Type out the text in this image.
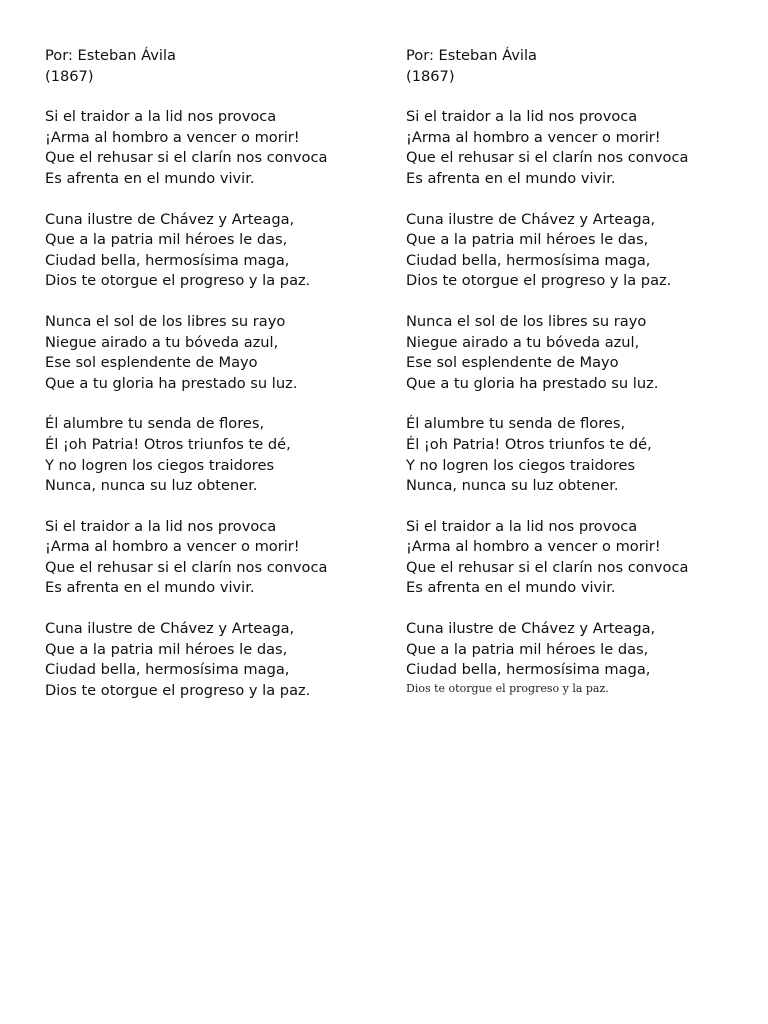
Por: Esteban Ávila
(1867)
Si el traidor a la lid nos provoca
¡Arma al hombro a vencer o morir!
Que el rehusar si el clarín nos convoca
Es afrenta en el mundo vivir.
Cuna ilustre de Chávez y Arteaga,
Que a la patria mil héroes le das,
Ciudad bella, hermosísima maga,
Dios te otorgue el progreso y la paz.
Nunca el sol de los libres su rayo
Niegue airado a tu bóveda azul,
Ese sol esplendente de Mayo
Que a tu gloria ha prestado su luz.
Él alumbre tu senda de flores,
Él ¡oh Patria! Otros triunfos te dé,
Y no logren los ciegos traidores
Nunca, nunca su luz obtener.
Si el traidor a la lid nos provoca
¡Arma al hombro a vencer o morir!
Que el rehusar si el clarín nos convoca
Es afrenta en el mundo vivir.
Cuna ilustre de Chávez y Arteaga,
Que a la patria mil héroes le das,
Ciudad bella, hermosísima maga,
Dios te otorgue el progreso y la paz.
Por: Esteban Ávila
(1867)
Si el traidor a la lid nos provoca
¡Arma al hombro a vencer o morir!
Que el rehusar si el clarín nos convoca
Es afrenta en el mundo vivir.
Cuna ilustre de Chávez y Arteaga,
Que a la patria mil héroes le das,
Ciudad bella, hermosísima maga,
Dios te otorgue el progreso y la paz.
Nunca el sol de los libres su rayo
Niegue airado a tu bóveda azul,
Ese sol esplendente de Mayo
Que a tu gloria ha prestado su luz.
Él alumbre tu senda de flores,
Él ¡oh Patria! Otros triunfos te dé,
Y no logren los ciegos traidores
Nunca, nunca su luz obtener.
Si el traidor a la lid nos provoca
¡Arma al hombro a vencer o morir!
Que el rehusar si el clarín nos convoca
Es afrenta en el mundo vivir.
Cuna ilustre de Chávez y Arteaga,
Que a la patria mil héroes le das,
Ciudad bella, hermosísima maga,
Dios te otorgue el progreso y la paz.
